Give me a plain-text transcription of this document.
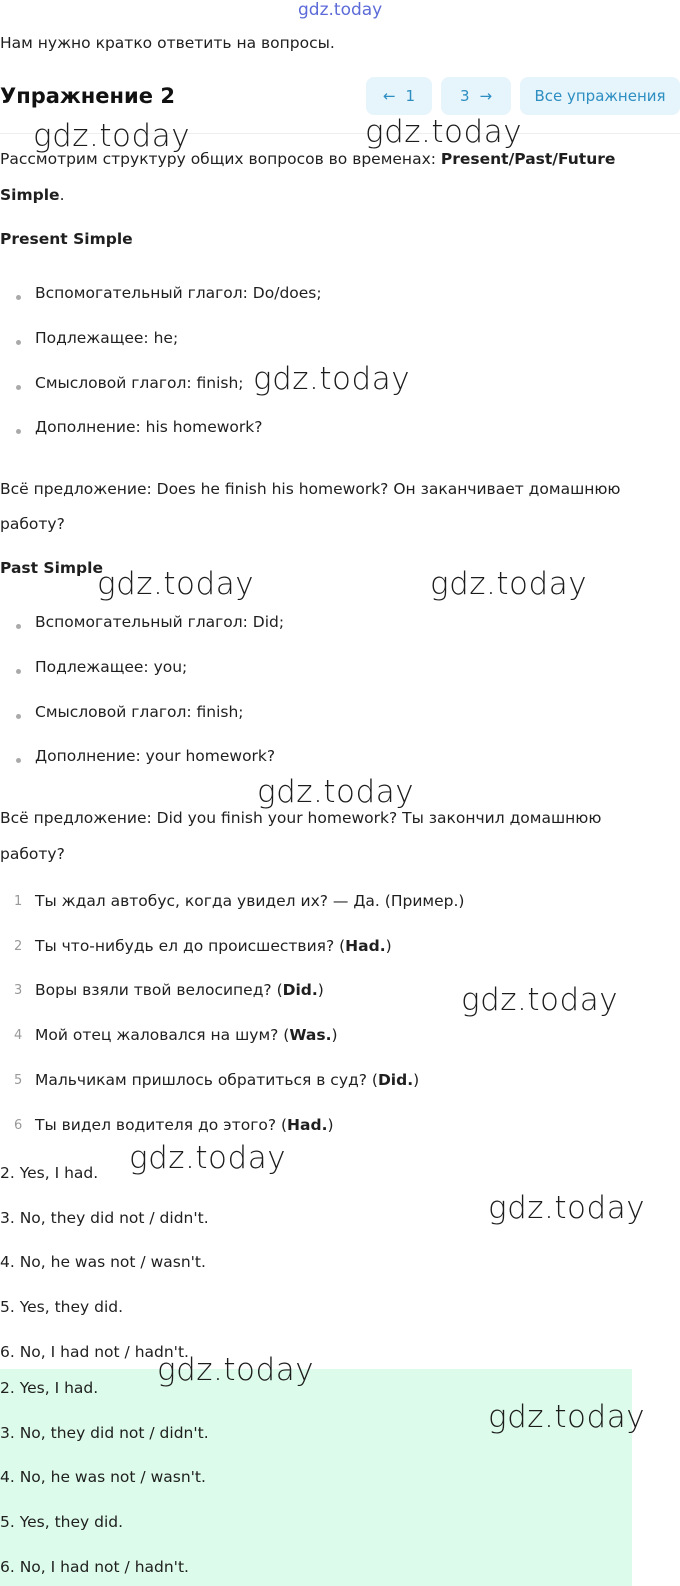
gdz.today
Нам нужно кратко ответить на вопросы.
Упражнение 2	← 1	3 →	Все упражнения
Рассмотрим структуру общих вопросов во временах: Present/Past/Future
Simple.
Present Simple
Вспомогательный глагол: Do/does;
Подлежащее: he;
Смысловой глагол: finish;
Дополнение: his homework?
Всё предложение: Does he finish his homework? Он заканчивает домашнюю
работу?
Past Simple
Вспомогательный глагол: Did;
Подлежащее: you;
Смысловой глагол: finish;
Дополнение: your homework?
Всё предложение: Did you finish your homework? Ты закончил домашнюю
работу?
1 Ты ждал автобус, когда увидел их? — Да. (Пример.)
2 Ты что-нибудь ел до происшествия? (Had.)
3 Воры взяли твой велосипед? (Did.)
4 Мой отец жаловался на шум? (Was.)
5 Мальчикам пришлось обратиться в суд? (Did.)
6 Ты видел водителя до этого? (Had.)
2. Yes, I had.
3. No, they did not / didn't.
4. No, he was not / wasn't.
5. Yes, they did.
6. No, I had not / hadn't.
2. Yes, I had.
3. No, they did not / didn't.
4. No, he was not / wasn't.
5. Yes, they did.
6. No, I had not / hadn't.
gdz.today	gdz.today
gdz.today
gdz.today	gdz.today
gdz.today
gdz.today
gdz.today
gdz.today
gdz.today
gdz.today
